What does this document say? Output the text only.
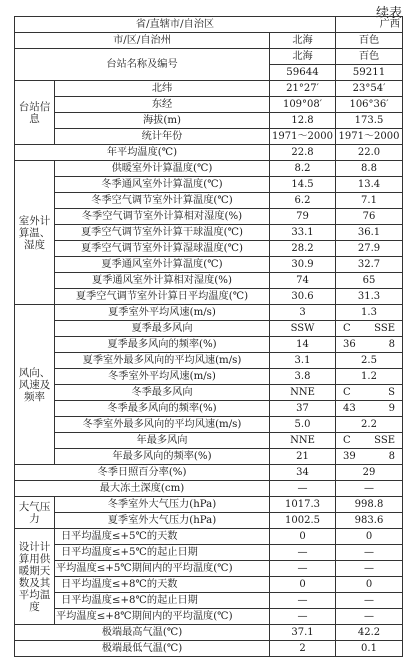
续表
省/直辖市/自治区			广西
市/区/自治州		北海	百色
台站名称及编号		北海	百色
		59644	59211
台站信息	北纬	21°27′	23°54′
	东经	109°08′	106°36′
	海拔(m)	12.8	173.5
	统计年份	1971～2000	1971～2000
年平均温度(℃)		22.8	22.0
室外计算温、湿度	供暖室外计算温度(℃)	8.2	8.8
	冬季通风室外计算温度(℃)	14.5	13.4
	冬季空气调节室外计算温度(℃)	6.2	7.1
	冬季空气调节室外计算相对湿度(%)	79	76
	夏季空气调节室外计算干球温度(℃)	33.1	36.1
	夏季空气调节室外计算湿球温度(℃)	28.2	27.9
	夏季通风室外计算温度(℃)	30.9	32.7
	夏季通风室外计算相对湿度(%)	74	65
	夏季空气调节室外计算日平均温度(℃)	30.6	31.3
风向、风速及频率	夏季室外平均风速(m/s)	3	1.3
	夏季最多风向	SSW	C SSE

	夏季最多风向的频率(%)	14	36 8

	夏季室外最多风向的平均风速(m/s)	3.1	2.5
	冬季室外平均风速(m/s)	3.8	1.2
	冬季最多风向	NNE	C S

	冬季最多风向的频率(%)	37	43 9

	冬季室外最多风向的平均风速(m/s)	5.0	2.2
	年最多风向	NNE	C SSE

	年最多风向的频率(%)	21	39 8

冬季日照百分率(%)		34	29
最大冻土深度(cm)		—	—
大气压力	冬季室外大气压力(hPa)	1017.3	998.8
	夏季室外大气压力(hPa)	1002.5	983.6
设计计算用供暖期天数及其平均温度	日平均温度≤+5℃的天数	0	0
	日平均温度≤+5℃的起止日期	—	—
	平均温度≤+5℃期间内的平均温度(℃)	—	—
	日平均温度≤+8℃的天数	0	0
	日平均温度≤+8℃的起止日期	—	—
	平均温度≤+8℃期间内的平均温度(℃)	—	—
极端最高气温(℃)		37.1	42.2
极端最低气温(℃)		2	0.1
